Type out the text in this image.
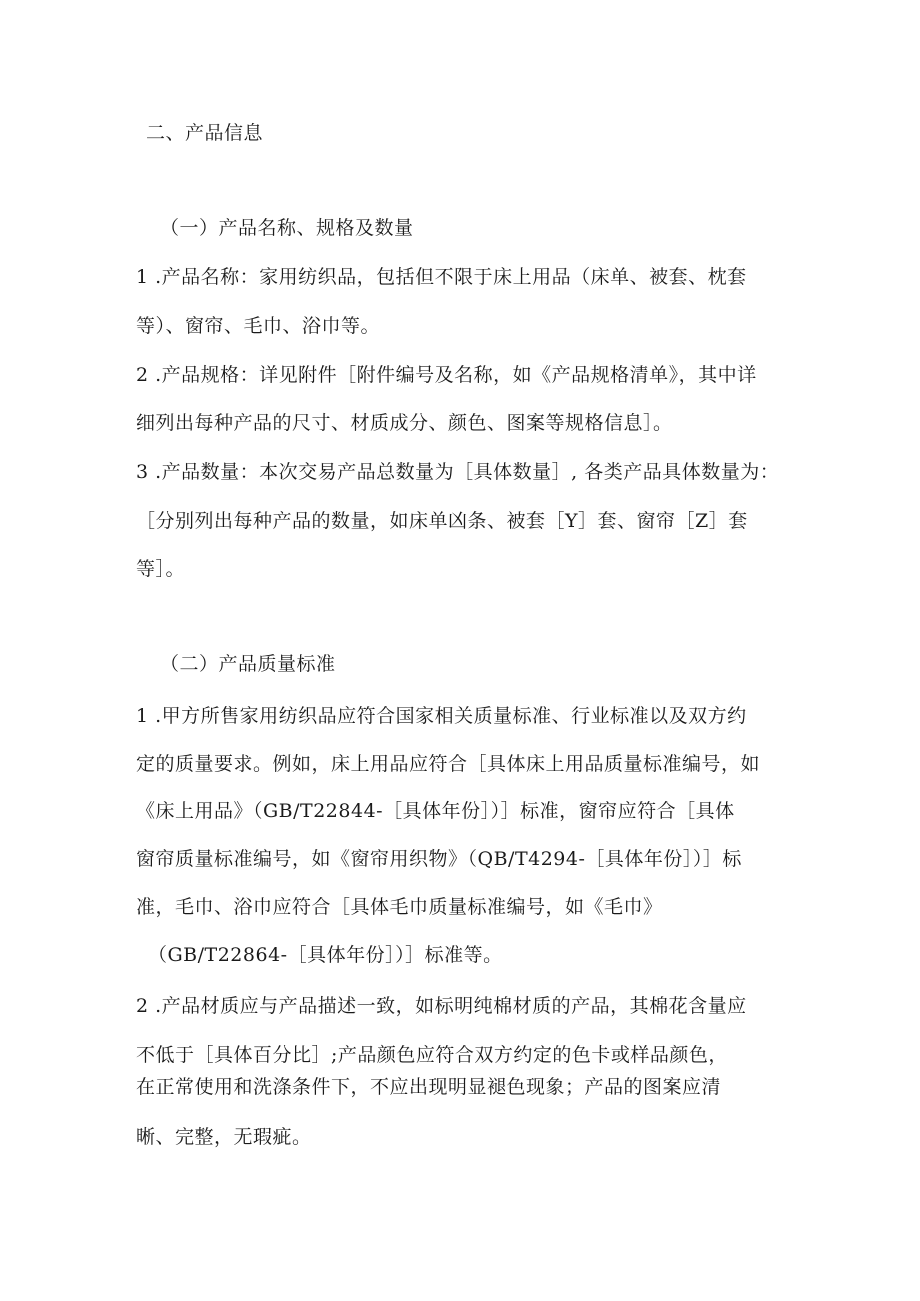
二、产品信息
（一）产品名称、规格及数量
1 .产品名称：家用纺织品，包括但不限于床上用品（床单、被套、枕套
等）、窗帘、毛巾、浴巾等。
2 .产品规格：详见附件［附件编号及名称，如《产品规格清单》，其中详
细列出每种产品的尺寸、材质成分、颜色、图案等规格信息］。
3 .产品数量：本次交易产品总数量为［具体数量］, 各类产品具体数量为：
［分别列出每种产品的数量，如床单凶条、被套［Y］套、窗帘［Z］套
等］。
（二）产品质量标准
1 .甲方所售家用纺织品应符合国家相关质量标准、行业标准以及双方约
定的质量要求。例如，床上用品应符合［具体床上用品质量标准编号，如
《床上用品》（GB/T22844-［具体年份］）］标准，窗帘应符合［具体
窗帘质量标准编号，如《窗帘用织物》（QB/T4294-［具体年份］）］标
准，毛巾、浴巾应符合［具体毛巾质量标准编号，如《毛巾》
（GB/T22864-［具体年份］）］标准等。
2 .产品材质应与产品描述一致，如标明纯棉材质的产品，其棉花含量应
不低于［具体百分比］;产品颜色应符合双方约定的色卡或样品颜色，
在正常使用和洗涤条件下，不应出现明显褪色现象；产品的图案应清
晰、完整，无瑕疵。
